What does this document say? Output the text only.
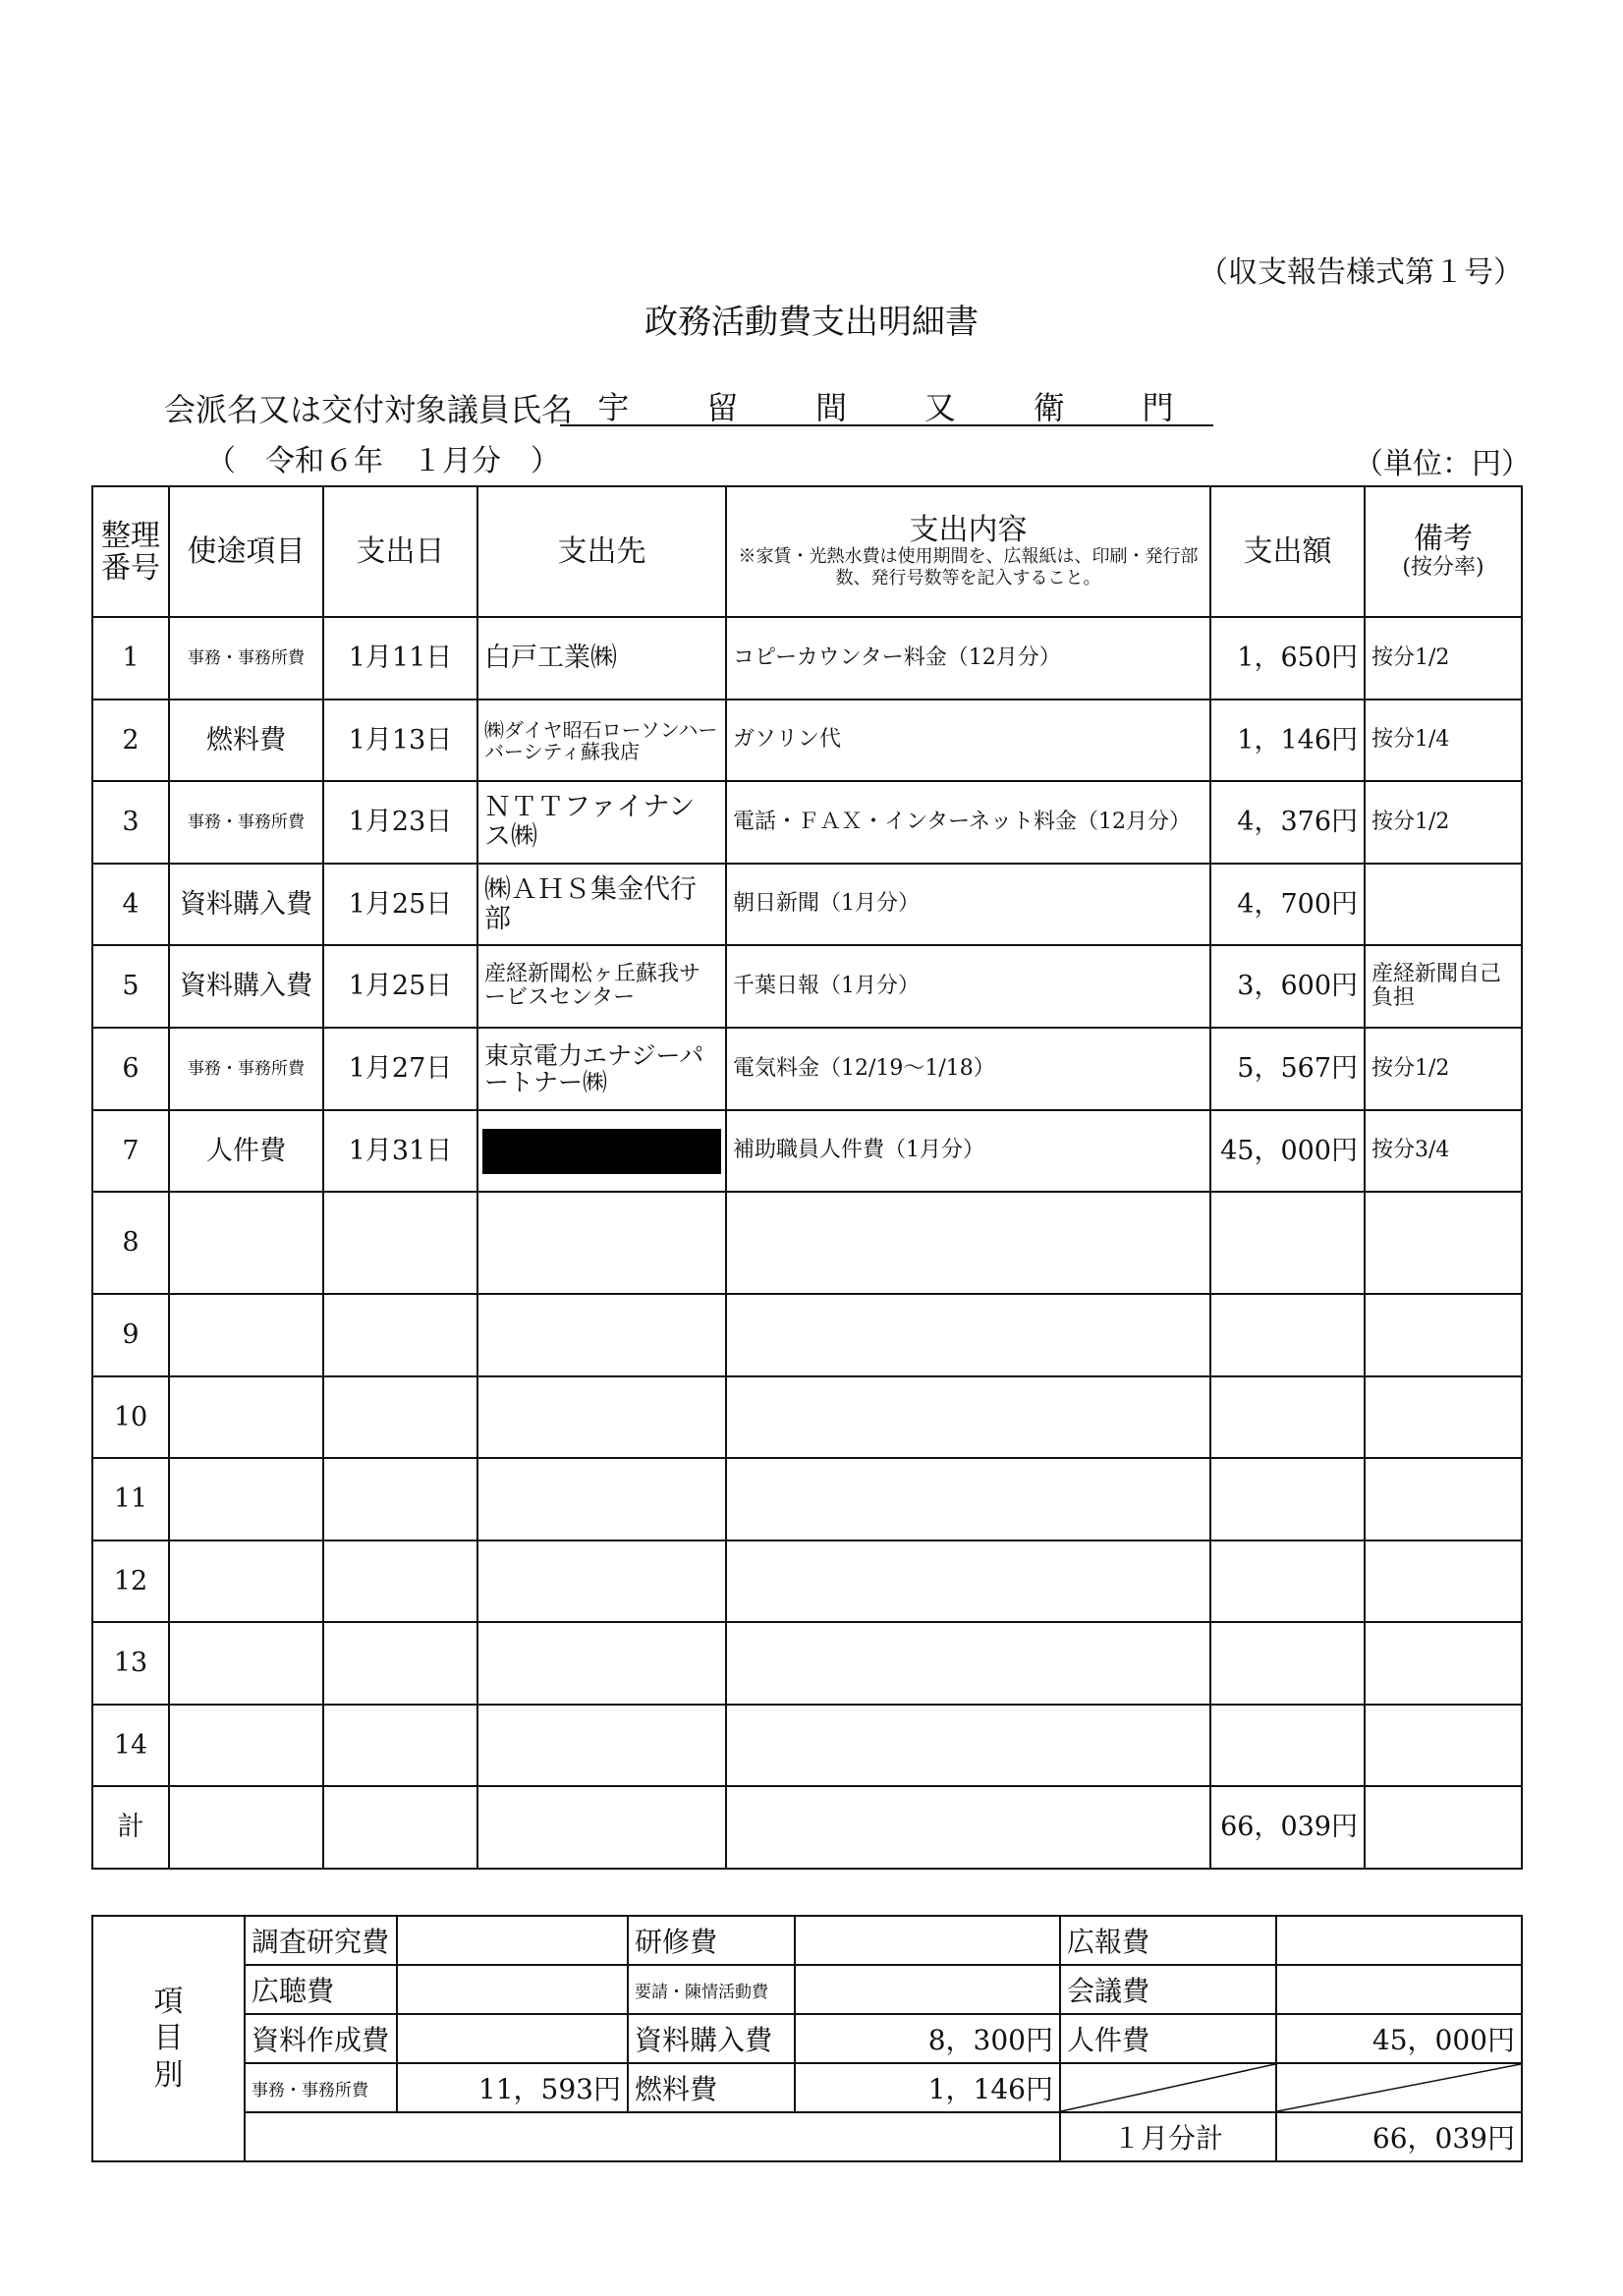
（収支報告様式第１号）
政務活動費支出明細書
会派名又は交付対象議員氏名 宇 留 間 又 衛 門
（　令和６年　１月分　）	（単位：円）
整理番号	使途項目	支出日	支出先	支出内容
※家賃・光熱水費は使用期間を、広報紙は、印刷・発行部数、発行号数等を記入すること。	支出額	備考
(按分率)

1	事務・事務所費	1月11日	白戸工業㈱	コピーカウンター料金（12月分）	1，650円	按分1/2
2	燃料費	1月13日	㈱ダイヤ昭石ローソンハーバーシティ蘇我店	ガソリン代	1，146円	按分1/4
3	事務・事務所費	1月23日	ＮＴＴファイナンス㈱	電話・ＦＡＸ・インターネット料金（12月分）	4，376円	按分1/2
4	資料購入費	1月25日	㈱ＡＨＳ集金代行部	朝日新聞（1月分）	4，700円	
5	資料購入費	1月25日	産経新聞松ヶ丘蘇我サービスセンター	千葉日報（1月分）	3，600円	産経新聞自己負担
6	事務・事務所費	1月27日	東京電力エナジーパートナー㈱	電気料金（12/19～1/18）	5，567円	按分1/2
7	人件費	1月31日		補助職員人件費（1月分）	45，000円	按分3/4
8						
9						
10						
11						
12						
13						
14						
計					66，039円	
項
目
別	調査研究費		研修費		広報費	
	広聴費		要請・陳情活動費		会議費	
	資料作成費		資料購入費	8，300円	人件費	45，000円
	事務・事務所費	11，593円	燃料費	1，146円	

					１月分計	66，039円
